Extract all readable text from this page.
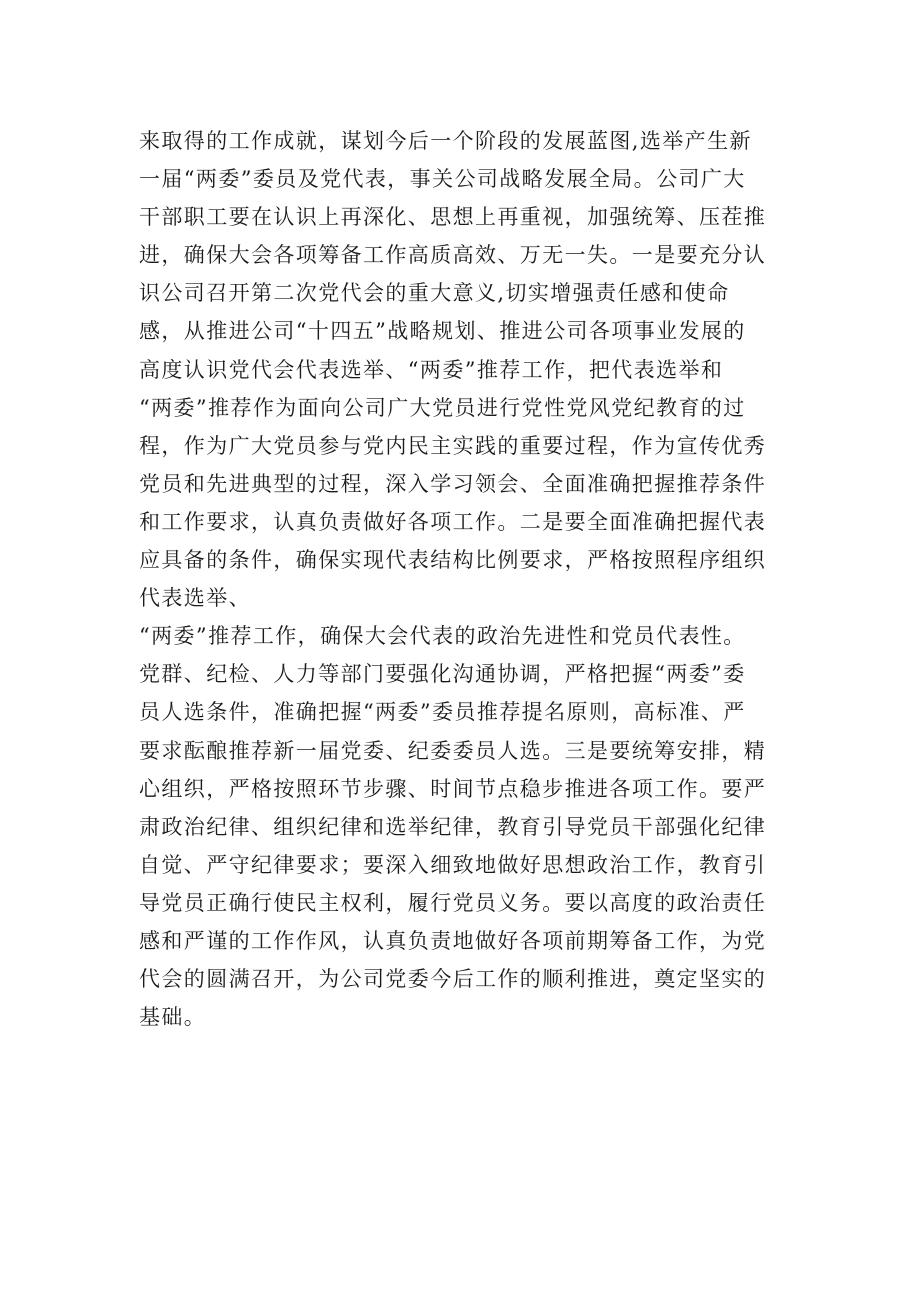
来取得的工作成就，谋划今后一个阶段的发展蓝图,选举产生新
一届“两委”委员及党代表，事关公司战略发展全局。公司广大
干部职工要在认识上再深化、思想上再重视，加强统筹、压茬推
进，确保大会各项筹备工作高质高效、万无一失。一是要充分认
识公司召开第二次党代会的重大意义,切实增强责任感和使命
感，从推进公司“十四五”战略规划、推进公司各项事业发展的
高度认识党代会代表选举、“两委”推荐工作，把代表选举和
“两委”推荐作为面向公司广大党员进行党性党风党纪教育的过
程，作为广大党员参与党内民主实践的重要过程，作为宣传优秀
党员和先进典型的过程，深入学习领会、全面准确把握推荐条件
和工作要求，认真负责做好各项工作。二是要全面准确把握代表
应具备的条件，确保实现代表结构比例要求，严格按照程序组织
代表选举、
“两委”推荐工作，确保大会代表的政治先进性和党员代表性。
党群、纪检、人力等部门要强化沟通协调，严格把握“两委”委
员人选条件，准确把握“两委”委员推荐提名原则，高标准、严
要求酝酿推荐新一届党委、纪委委员人选。三是要统筹安排，精
心组织，严格按照环节步骤、时间节点稳步推进各项工作。要严
肃政治纪律、组织纪律和选举纪律，教育引导党员干部强化纪律
自觉、严守纪律要求；要深入细致地做好思想政治工作，教育引
导党员正确行使民主权利，履行党员义务。要以高度的政治责任
感和严谨的工作作风，认真负责地做好各项前期筹备工作，为党
代会的圆满召开，为公司党委今后工作的顺利推进，奠定坚实的
基础。
